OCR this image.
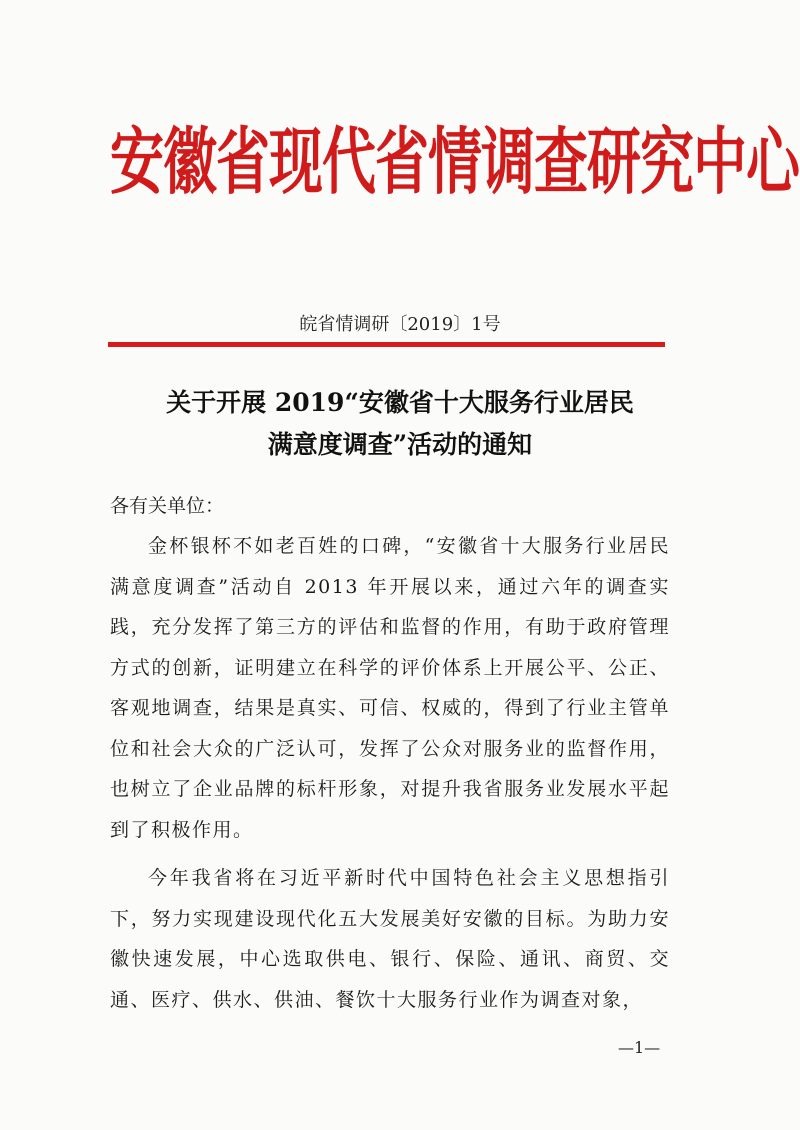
安徽省现代省情调查研究中心
皖省情调研〔2019〕1号
关于开展 2019“安徽省十大服务行业居民
满意度调查”活动的通知
各有关单位：

金杯银杯不如老百姓的口碑，“安徽省十大服务行业居民满意度调查”活动自 2013 年开展以来，通过六年的调查实践，充分发挥了第三方的评估和监督的作用，有助于政府管理方式的创新，证明建立在科学的评价体系上开展公平、公正、客观地调查，结果是真实、可信、权威的，得到了行业主管单位和社会大众的广泛认可，发挥了公众对服务业的监督作用，也树立了企业品牌的标杆形象，对提升我省服务业发展水平起到了积极作用。

今年我省将在习近平新时代中国特色社会主义思想指引下，努力实现建设现代化五大发展美好安徽的目标。为助力安徽快速发展，中心选取供电、银行、保险、通讯、商贸、交通、医疗、供水、供油、餐饮十大服务行业作为调查对象，

—1—
